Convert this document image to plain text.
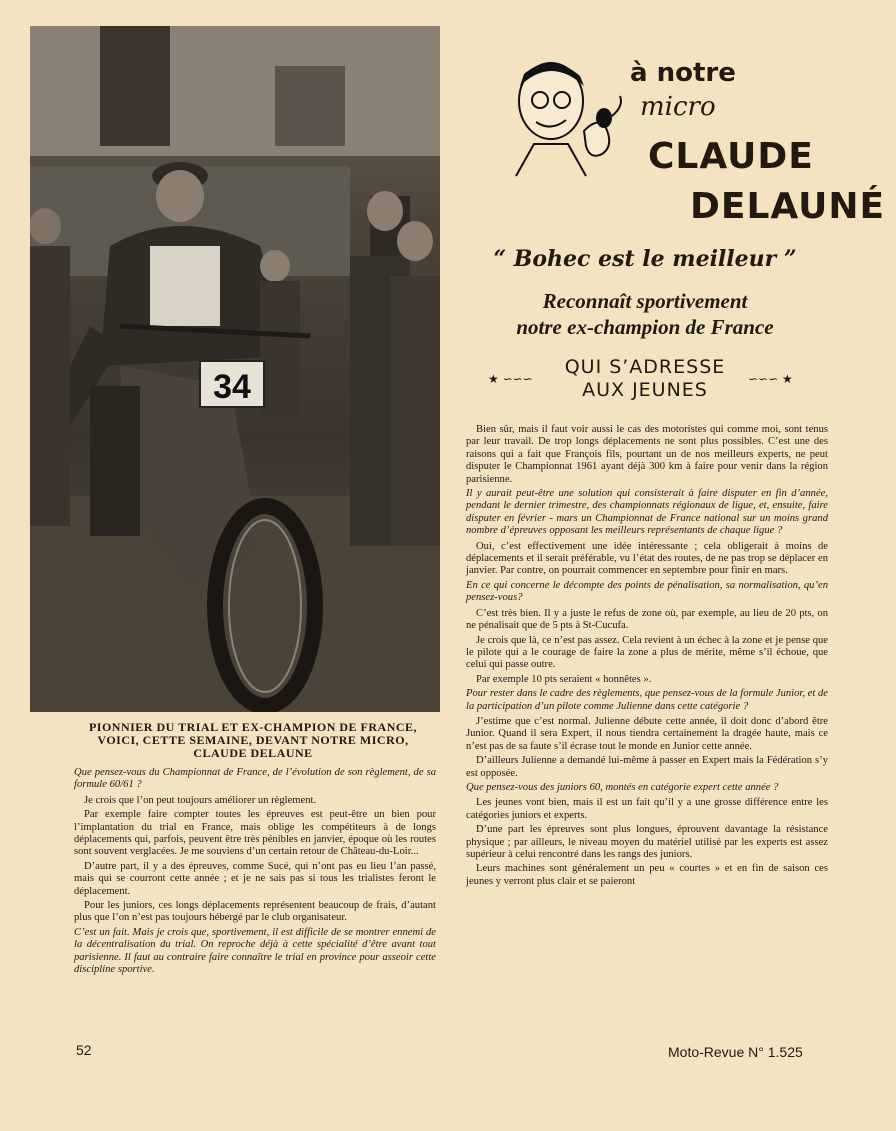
34
à notre
micro
CLAUDE
DELAUNÉ
“ Bohec est le meilleur ”
Reconnaît sportivement
notre ex-champion de France
★ ∽∽∽
QUI S’ADRESSE
AUX JEUNES	∽∽∽ ★
PIONNIER DU TRIAL ET EX-CHAMPION DE FRANCE, VOICI, CETTE SEMAINE, DEVANT NOTRE MICRO, CLAUDE DELAUNE

Que pensez-vous du Championnat de France, de l’évolution de son règlement, de sa formule 60/61 ?

Je crois que l’on peut toujours améliorer un règlement.

Par exemple faire compter toutes les épreuves est peut-être un bien pour l’implantation du trial en France, mais oblige les compétiteurs à de longs déplacements qui, parfois, peuvent être très pénibles en janvier, époque où les routes sont souvent verglacées. Je me souviens d’un certain retour de Château-du-Loir...

D’autre part, il y a des épreuves, comme Sucé, qui n’ont pas eu lieu l’an passé, mais qui se courront cette année ; et je ne sais pas si tous les trialistes feront le déplacement.

Pour les juniors, ces longs déplacements représentent beaucoup de frais, d’autant plus que l’on n’est pas toujours hébergé par le club organisateur.

C’est un fait. Mais je crois que, sportivement, il est difficile de se montrer ennemi de la décentralisation du trial. On reproche déjà à cette spécialité d’être avant tout parisienne. Il faut au contraire faire connaître le trial en province pour asseoir cette discipline sportive.

Bien sûr, mais il faut voir aussi le cas des motoristes qui comme moi, sont tenus par leur travail. De trop longs déplacements ne sont plus possibles. C’est une des raisons qui a fait que François fils, pourtant un de nos meilleurs experts, ne peut disputer le Championnat 1961 ayant déjà 300 km à faire pour venir dans la région parisienne.

Il y aurait peut-être une solution qui consisterait à faire disputer en fin d’année, pendant le dernier trimestre, des championnats régionaux de ligue, et, ensuite, faire disputer en février - mars un Championnat de France national sur un moins grand nombre d’épreuves opposant les meilleurs représentants de chaque ligue ?

Oui, c’est effectivement une idée intéressante ; cela obligerait à moins de déplacements et il serait préférable, vu l’état des routes, de ne pas trop se déplacer en janvier. Par contre, on pourrait commencer en septembre pour finir en mars.

En ce qui concerne le décompte des points de pénalisation, sa normalisation, qu’en pensez-vous?

C’est très bien. Il y a juste le refus de zone où, par exemple, au lieu de 20 pts, on ne pénalisait que de 5 pts à St-Cucufa.

Je crois que là, ce n’est pas assez. Cela revient à un échec à la zone et je pense que le pilote qui a le courage de faire la zone a plus de mérite, même s’il échoue, que celui qui passe outre.

Par exemple 10 pts seraient « honnêtes ».

Pour rester dans le cadre des règlements, que pensez-vous de la formule Junior, et de la participation d’un pilote comme Julienne dans cette catégorie ?

J’estime que c’est normal. Julienne débute cette année, il doit donc d’abord être Junior. Quand il sera Expert, il nous tiendra certainement la dragée haute, mais ce n’est pas de sa faute s’il écrase tout le monde en Junior cette année.

D’ailleurs Julienne a demandé lui-même à passer en Expert mais la Fédération s’y est opposée.

Que pensez-vous des juniors 60, montés en catégorie expert cette année ?

Les jeunes vont bien, mais il est un fait qu’il y a une grosse différence entre les catégories juniors et experts.

D’une part les épreuves sont plus longues, éprouvent davantage la résistance physique ; par ailleurs, le niveau moyen du matériel utilisé par les experts est assez supérieur à celui rencontré dans les rangs des juniors.

Leurs machines sont généralement un peu « courtes » et en fin de saison ces jeunes y verront plus clair et se paieront

52	Moto-Revue N° 1.525
